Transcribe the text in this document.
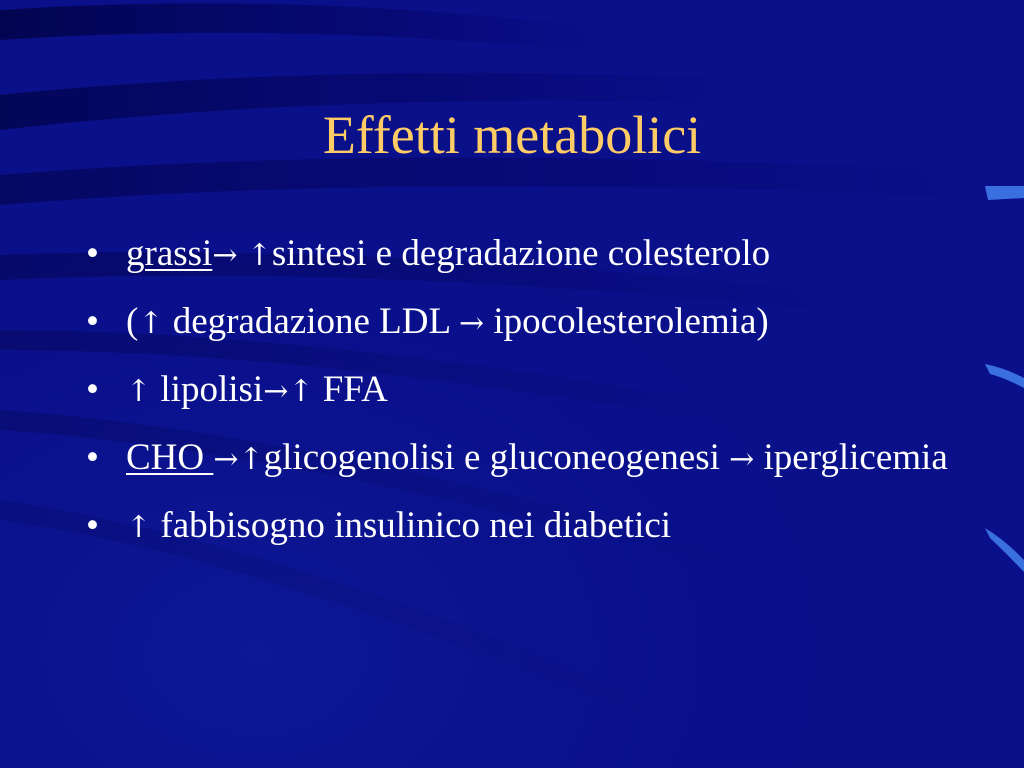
Effetti metabolici
• grassi→ ↑sintesi e degradazione colesterolo
• (↑ degradazione LDL → ipocolesterolemia)
• ↑ lipolisi→↑ FFA
• CHO →↑glicogenolisi e gluconeogenesi → iperglicemia
• ↑ fabbisogno insulinico nei diabetici
